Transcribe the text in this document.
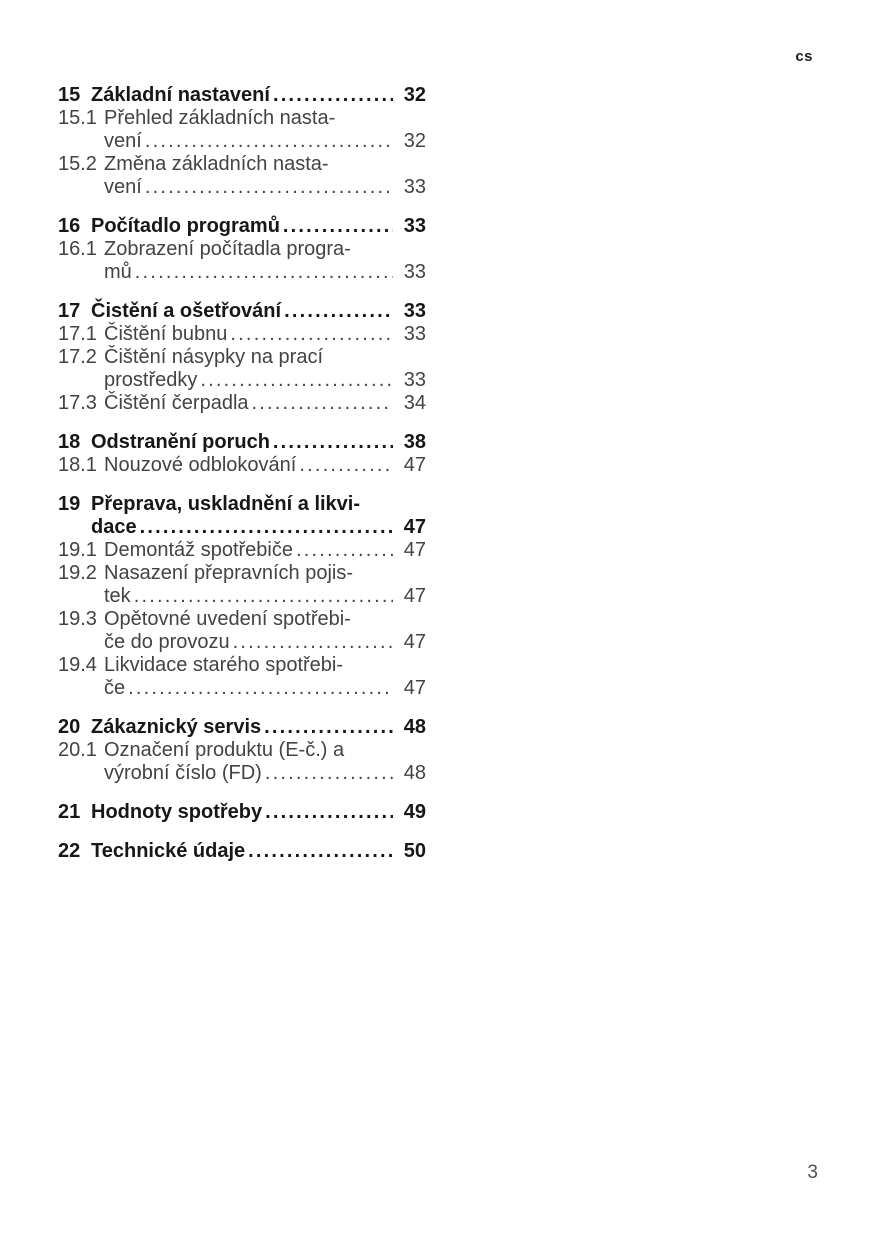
cs
15 Základní nastavení .....	32
15.1 Přehled základních nasta-
vení .....	32
15.2 Změna základních nasta-
vení .....	33
16 Počítadlo programů .....	33
16.1 Zobrazení počítadla progra-
mů .....	33
17 Čistění a ošetřování .....	33
17.1 Čištění bubnu .....	33
17.2 Čištění násypky na prací
prostředky .....	33
17.3 Čištění čerpadla .....	34
18 Odstranění poruch .....	38
18.1 Nouzové odblokování .....	47
19 Přeprava, uskladnění a likvi-
dace .....	47
19.1 Demontáž spotřebiče .....	47
19.2 Nasazení přepravních pojis-
tek .....	47
19.3 Opětovné uvedení spotřebi-
če do provozu .....	47
19.4 Likvidace starého spotřebi-
če .....	47
20 Zákaznický servis .....	48
20.1 Označení produktu (E-č.) a
výrobní číslo (FD) .....	48
21 Hodnoty spotřeby .....	49
22 Technické údaje .....	50
3
